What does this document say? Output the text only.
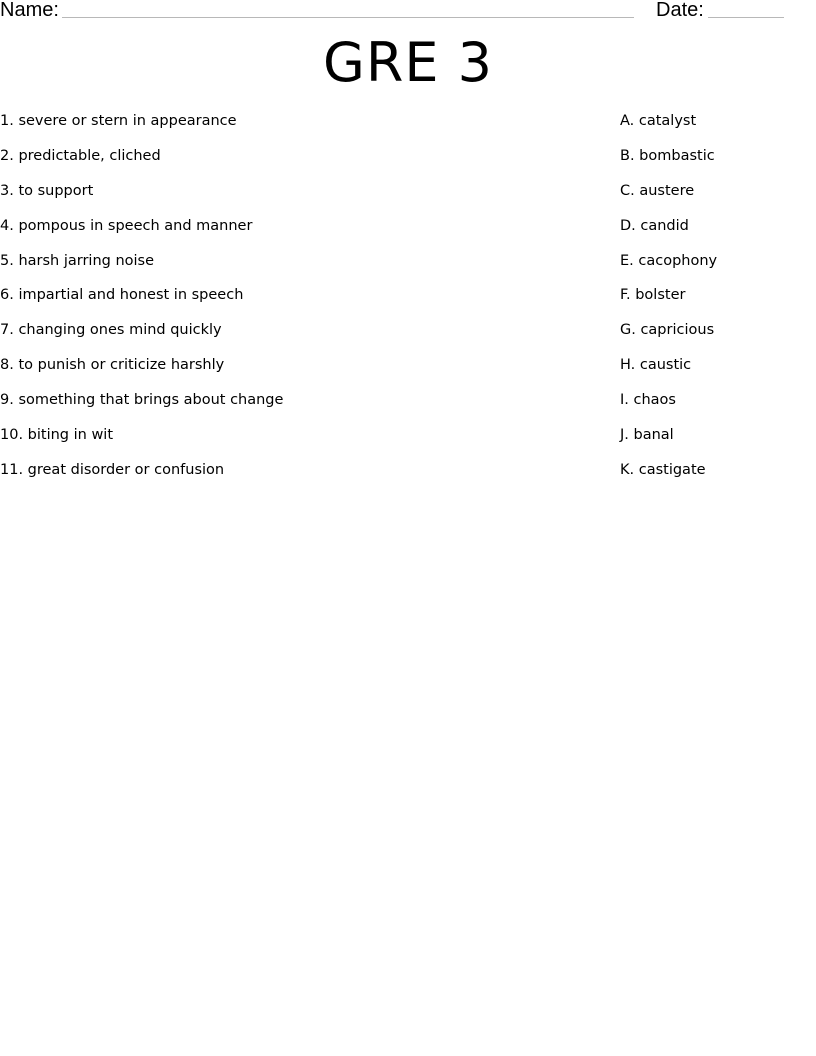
Name:	Date:
GRE 3
1. severe or stern in appearance
2. predictable, cliched
3. to support
4. pompous in speech and manner
5. harsh jarring noise
6. impartial and honest in speech
7. changing ones mind quickly
8. to punish or criticize harshly
9. something that brings about change
10. biting in wit
11. great disorder or confusion
A. catalyst
B. bombastic
C. austere
D. candid
E. cacophony
F. bolster
G. capricious
H. caustic
I. chaos
J. banal
K. castigate
